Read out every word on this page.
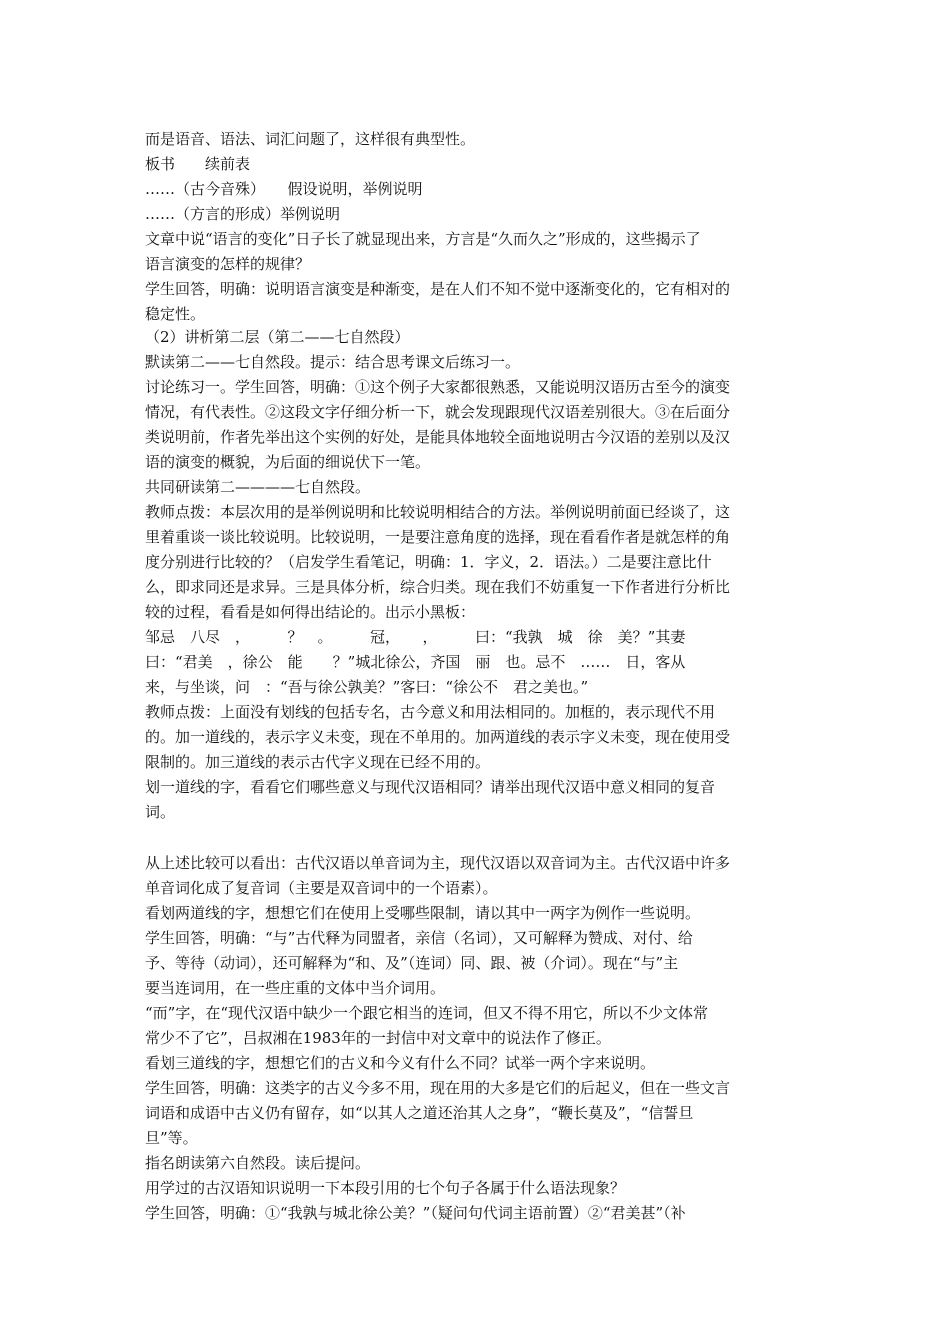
而是语音、语法、词汇问题了，这样很有典型性。
板书　　续前表
……（古今音殊）　　假设说明，举例说明
……（方言的形成）举例说明
文章中说“语言的变化”日子长了就显现出来，方言是“久而久之”形成的，这些揭示了
语言演变的怎样的规律？
学生回答，明确：说明语言演变是种渐变，是在人们不知不觉中逐渐变化的，它有相对的
稳定性。
（2）讲析第二层（第二——七自然段）
默读第二——七自然段。提示：结合思考课文后练习一。
讨论练习一。学生回答，明确：①这个例子大家都很熟悉，又能说明汉语历古至今的演变
情况，有代表性。②这段文字仔细分析一下，就会发现跟现代汉语差别很大。③在后面分
类说明前，作者先举出这个实例的好处，是能具体地较全面地说明古今汉语的差别以及汉
语的演变的概貌，为后面的细说伏下一笔。
共同研读第二————七自然段。
教师点拨：本层次用的是举例说明和比较说明相结合的方法。举例说明前面已经谈了，这
里着重谈一谈比较说明。比较说明，一是要注意角度的选择，现在看看作者是就怎样的角
度分别进行比较的？（启发学生看笔记，明确：1．字义，2．语法。）二是要注意比什
么，即求同还是求异。三是具体分析，综合归类。现在我们不妨重复一下作者进行分析比
较的过程，看看是如何得出结论的。出示小黑板：
邹忌　八尽　，　　　？　。　　　冠，　　，　　　曰：“我孰　城　徐　美？”其妻
曰：“君美　，徐公　能　　？”城北徐公，齐国　丽　也。忌不　……　日，客从
来，与坐谈，问　：“吾与徐公孰美？”客曰：“徐公不　君之美也。”
教师点拨：上面没有划线的包括专名，古今意义和用法相同的。加框的，表示现代不用
的。加一道线的，表示字义未变，现在不单用的。加两道线的表示字义未变，现在使用受
限制的。加三道线的表示古代字义现在已经不用的。
划一道线的字，看看它们哪些意义与现代汉语相同？请举出现代汉语中意义相同的复音
词。
从上述比较可以看出：古代汉语以单音词为主，现代汉语以双音词为主。古代汉语中许多
单音词化成了复音词（主要是双音词中的一个语素）。
看划两道线的字，想想它们在使用上受哪些限制，请以其中一两字为例作一些说明。
学生回答，明确：“与”古代释为同盟者，亲信（名词），又可解释为赞成、对付、给
予、等待（动词），还可解释为“和、及”（连词）同、跟、被（介词）。现在“与”主
要当连词用，在一些庄重的文体中当介词用。
“而”字，在“现代汉语中缺少一个跟它相当的连词，但又不得不用它，所以不少文体常
常少不了它”，吕叔湘在1983年的一封信中对文章中的说法作了修正。
看划三道线的字，想想它们的古义和今义有什么不同？试举一两个字来说明。
学生回答，明确：这类字的古义今多不用，现在用的大多是它们的后起义，但在一些文言
词语和成语中古义仍有留存，如“以其人之道还治其人之身”，“鞭长莫及”，“信誓旦
旦”等。
指名朗读第六自然段。读后提问。
用学过的古汉语知识说明一下本段引用的七个句子各属于什么语法现象？
学生回答，明确：①“我孰与城北徐公美？”（疑问句代词主语前置）②“君美甚”（补
